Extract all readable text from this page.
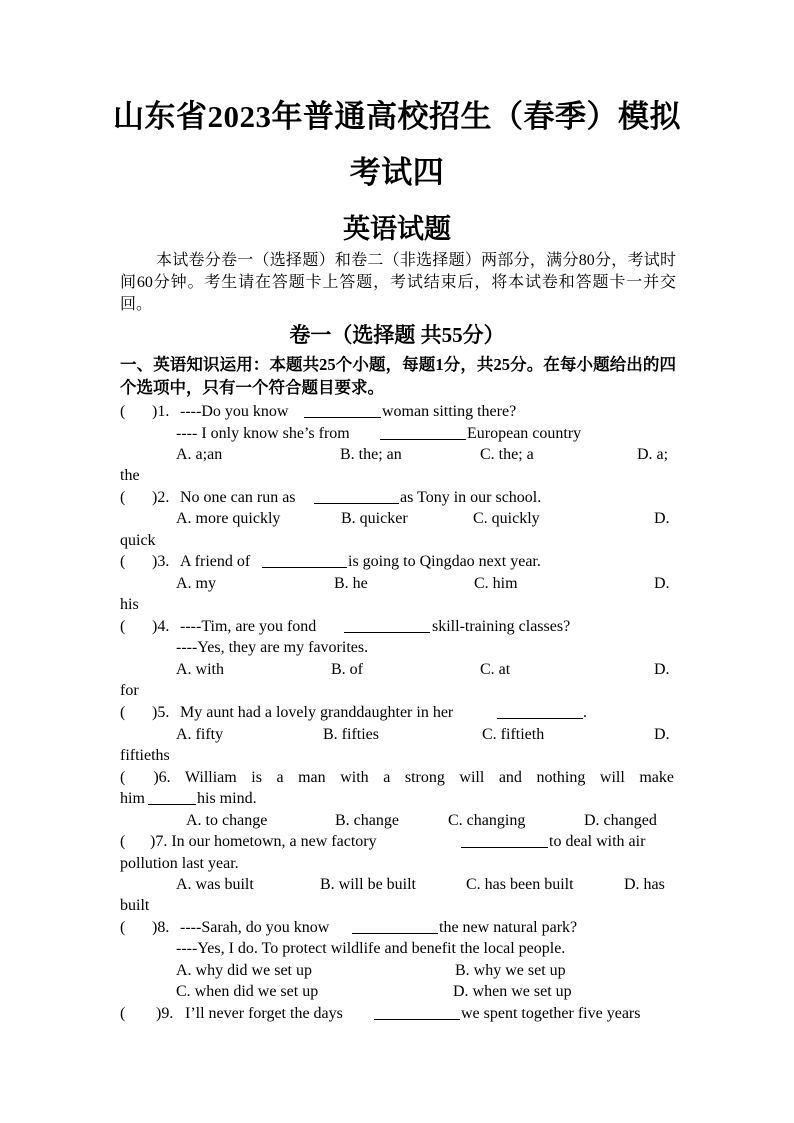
山东省2023年普通高校招生（春季）模拟
考试四
英语试题
本试卷分卷一（选择题）和卷二（非选择题）两部分，满分80分，考试时间60分钟。考生请在答题卡上答题，考试结束后，将本试卷和答题卡一并交回。
卷一（选择题 共55分）
一、英语知识运用：本题共25个小题，每题1分，共25分。在每小题给出的四个选项中，只有一个符合题目要求。
( )1. ----Do you know	woman sitting there?
---- I only know she’s from	European country
A. a;an	B. the; an	C. the; a	D. a;
the
( )2. No one can run as	as Tony in our school.
A. more quickly	B. quicker	C. quickly	D.
quick
( )3. A friend of	is going to Qingdao next year.
A. my	B. he	C. him	D.
his
( )4. ----Tim, are you fond	skill-training classes?
----Yes, they are my favorites.
A. with	B. of	C. at	D.
for
( )5. My aunt had a lovely granddaughter in her	.
A. fifty	B. fifties	C. fiftieth	D.
fiftieths
( )6. William is a man with a strong will and nothing will make
him	his mind.
A. to change	B. change	C. changing	D. changed
( )7. In our hometown, a new factory	to deal with air
pollution last year.
A. was built	B. will be built	C. has been built	D. has
built
( )8. ----Sarah, do you know	the new natural park?
----Yes, I do. To protect wildlife and benefit the local people.
A. why did we set up	B. why we set up
C. when did we set up	D. when we set up
( )9. I’ll never forget the days	we spent together five years
